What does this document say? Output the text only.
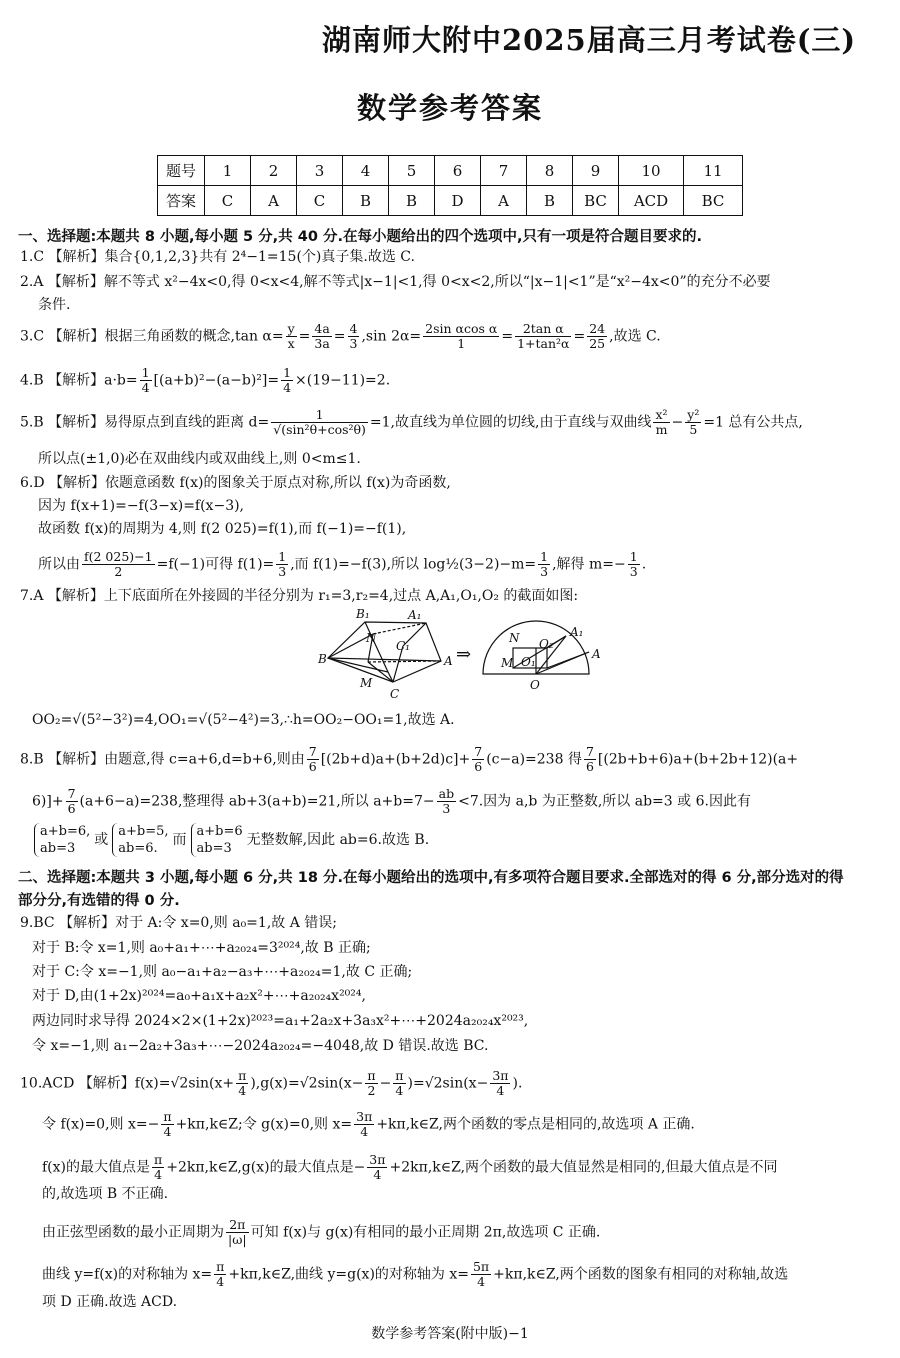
湖南师大附中2025届高三月考试卷(三)
数学参考答案
题号	1	2	3	4	5	6	7	8	9	10	11
答案	C	A	C	B	B	D	A	B	BC	ACD	BC
一、选择题:本题共 8 小题,每小题 5 分,共 40 分.在每小题给出的四个选项中,只有一项是符合题目要求的.
1.C 【解析】集合{0,1,2,3}共有 2⁴−1=15(个)真子集.故选 C.
2.A 【解析】解不等式 x²−4x<0,得 0<x<4,解不等式|x−1|<1,得 0<x<2,所以“|x−1|<1”是“x²−4x<0”的充分不必要
条件.
3.C 【解析】根据三角函数的概念,tan $\alpha= \frac{y}{x} = \frac{4a}{3a} = \frac{4}{3} ,\sin$ $2\alpha= \frac{\text{2sin αcos α}}{1} = \frac{\text{2tan α}}{\text{1+tan²α}} = \frac{24}{25}$ ,故选 C.
4.B 【解析】$a\cdot b= \frac{1}{4} [(a+b)^2-(a-b)^2]= \frac{1}{4} \times(19-11)=2$.
5.B 【解析】易得原点到直线的距离 $d= \frac{1}{\text{√(sin²θ+cos²θ)}} =1$,故直线为单位圆的切线,由于直线与双曲线 $\frac{\text{x²}}{m} - \frac{\text{y²}}{5} =1$ 总有公共点,
所以点(±1,0)必在双曲线内或双曲线上,则 0<m≤1.
6.D 【解析】依题意函数 f(x)的图象关于原点对称,所以 f(x)为奇函数,
因为 f(x+1)=−f(3−x)=f(x−3),
故函数 f(x)的周期为 4,则 f(2 025)=f(1),而 f(−1)=−f(1),
所以由 $\frac{f(2 025)-1}{2} =f(-1)$可得 $f(1)= \frac{1}{3}$ ,而 f(1)=−f(3),所以 log½(3−2)−m= $\frac{1}{3}$ ,解得 $m=- \frac{1}{3}$ .
7.A 【解析】上下底面所在外接圆的半径分别为 r₁=3,r₂=4,过点 A,A₁,O₁,O₂ 的截面如图:
B₁	A₁
N
C₁
B	A
M
C
N	A₁
O₂
M O₁
A
O
⇒
OO₂=√(5²−3²)=4,OO₁=√(5²−4²)=3,∴h=OO₂−OO₁=1,故选 A.
8.B 【解析】由题意,得 c=a+6,d=b+6,则由 $\frac{7}{6} [(2b+d)a+(b+2d)c]+ \frac{7}{6} (c-a)=238$ 得 $\frac{7}{6} [(2b+b+6)a+(b+2b+12)(a+$
$6)]+ \frac{7}{6} (a+6-a)=238$,整理得 ab+3(a+b)=21,所以 $a+b=7- \frac{ab}{3} <7$.因为 a,b 为正整数,所以 ab=3 或 6.因此有
a+b=6,
ab=3
或
a+b=5,
ab=6.
而
a+b=6
ab=3
无整数解,因此 ab=6.故选 B.
二、选择题:本题共 3 小题,每小题 6 分,共 18 分.在每小题给出的选项中,有多项符合题目要求.全部选对的得 6 分,部分选对的得
部分分,有选错的得 0 分.
9.BC 【解析】对于 A:令 x=0,则 a₀=1,故 A 错误;
对于 B:令 x=1,则 a₀+a₁+⋯+a₂₀₂₄=3²⁰²⁴,故 B 正确;
对于 C:令 x=−1,则 a₀−a₁+a₂−a₃+⋯+a₂₀₂₄=1,故 C 正确;
对于 D,由(1+2x)²⁰²⁴=a₀+a₁x+a₂x²+⋯+a₂₀₂₄x²⁰²⁴,
两边同时求导得 2024×2×(1+2x)²⁰²³=a₁+2a₂x+3a₃x²+⋯+2024a₂₀₂₄x²⁰²³,
令 x=−1,则 a₁−2a₂+3a₃+⋯−2024a₂₀₂₄=−4048,故 D 错误.故选 BC.
10.ACD 【解析】$f(x)=√2\sin(x+ \frac{\pi}{4} ),g(x)=√2\sin(x- \frac{\pi}{2} - \frac{\pi}{4} )=√2\sin(x- \frac{3\pi}{4}$ ).
令 f(x)=0,则 $x=- \frac{\pi}{4}$ +kπ,k∈Z;令 g(x)=0,则 $x= \frac{3\pi}{4}$ +kπ,k∈Z,两个函数的零点是相同的,故选项 A 正确.
f(x)的最大值点是 $\frac{\pi}{4}$ +2kπ,k∈Z,g(x)的最大值点是− $\frac{3\pi}{4}$ +2kπ,k∈Z,两个函数的最大值显然是相同的,但最大值点是不同
的,故选项 B 不正确.
由正弦型函数的最小正周期为 $\frac{2\pi}{|\omega|}$ 可知 f(x)与 g(x)有相同的最小正周期 2π,故选项 C 正确.
曲线 y=f(x)的对称轴为 $x= \frac{\pi}{4}$ +kπ,k∈Z,曲线 y=g(x)的对称轴为 $x= \frac{5\pi}{4}$ +kπ,k∈Z,两个函数的图象有相同的对称轴,故选
项 D 正确.故选 ACD.
数学参考答案(附中版)−1
